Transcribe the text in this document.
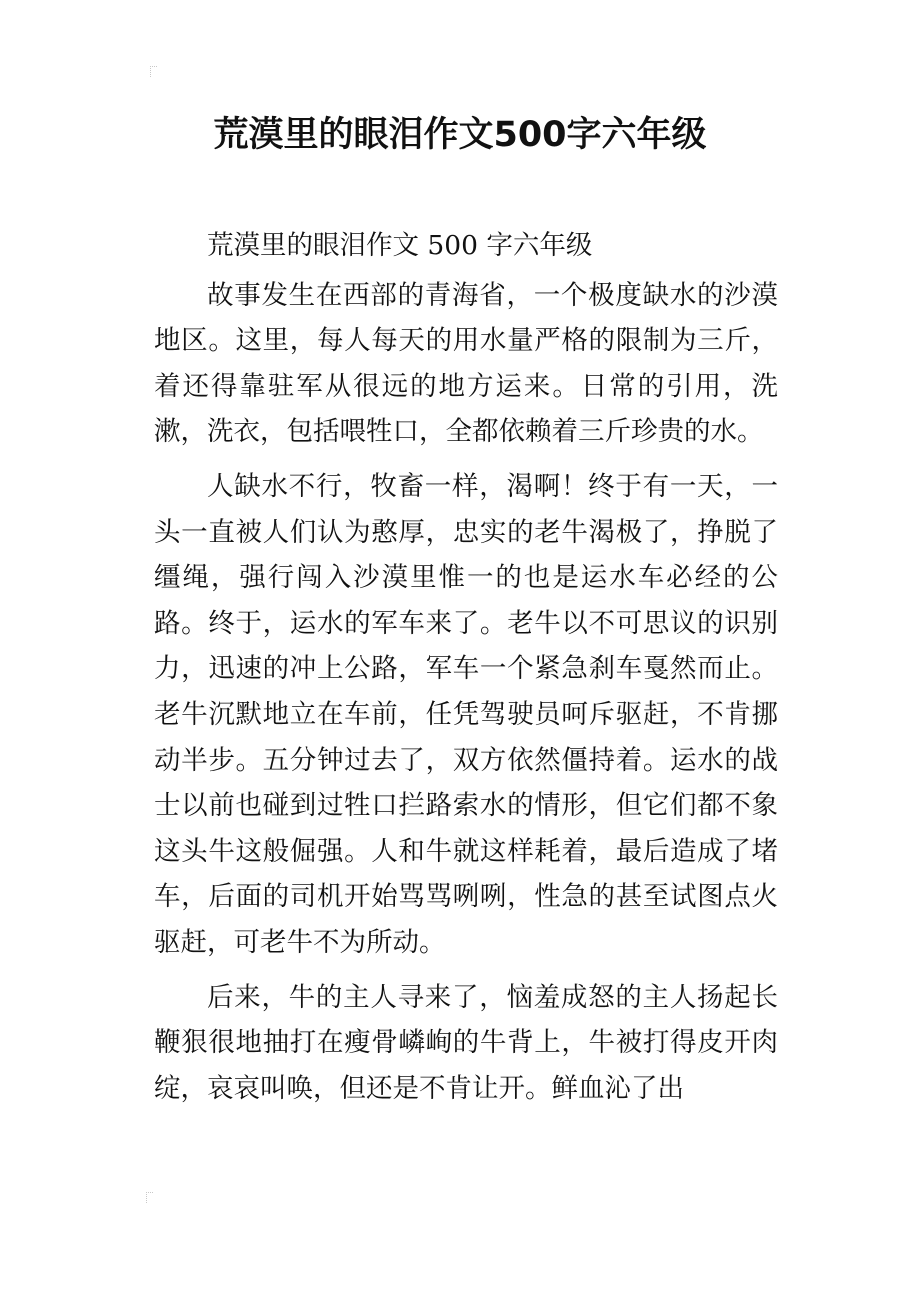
荒漠里的眼泪作文500字六年级

荒漠里的眼泪作文 500 字六年级

故事发生在西部的青海省，一个极度缺水的沙漠地区。这里，每人每天的用水量严格的限制为三斤，着还得靠驻军从很远的地方运来。日常的引用，洗漱，洗衣，包括喂牲口，全都依赖着三斤珍贵的水。

人缺水不行，牧畜一样，渴啊！终于有一天，一头一直被人们认为憨厚，忠实的老牛渴极了，挣脱了缰绳，强行闯入沙漠里惟一的也是运水车必经的公路。终于，运水的军车来了。老牛以不可思议的识别力，迅速的冲上公路，军车一个紧急刹车戛然而止。老牛沉默地立在车前，任凭驾驶员呵斥驱赶，不肯挪动半步。五分钟过去了，双方依然僵持着。运水的战士以前也碰到过牲口拦路索水的情形，但它们都不象这头牛这般倔强。人和牛就这样耗着，最后造成了堵车，后面的司机开始骂骂咧咧，性急的甚至试图点火驱赶，可老牛不为所动。

后来，牛的主人寻来了，恼羞成怒的主人扬起长鞭狠很地抽打在瘦骨嶙峋的牛背上，牛被打得皮开肉绽，哀哀叫唤，但还是不肯让开。鲜血沁了出
